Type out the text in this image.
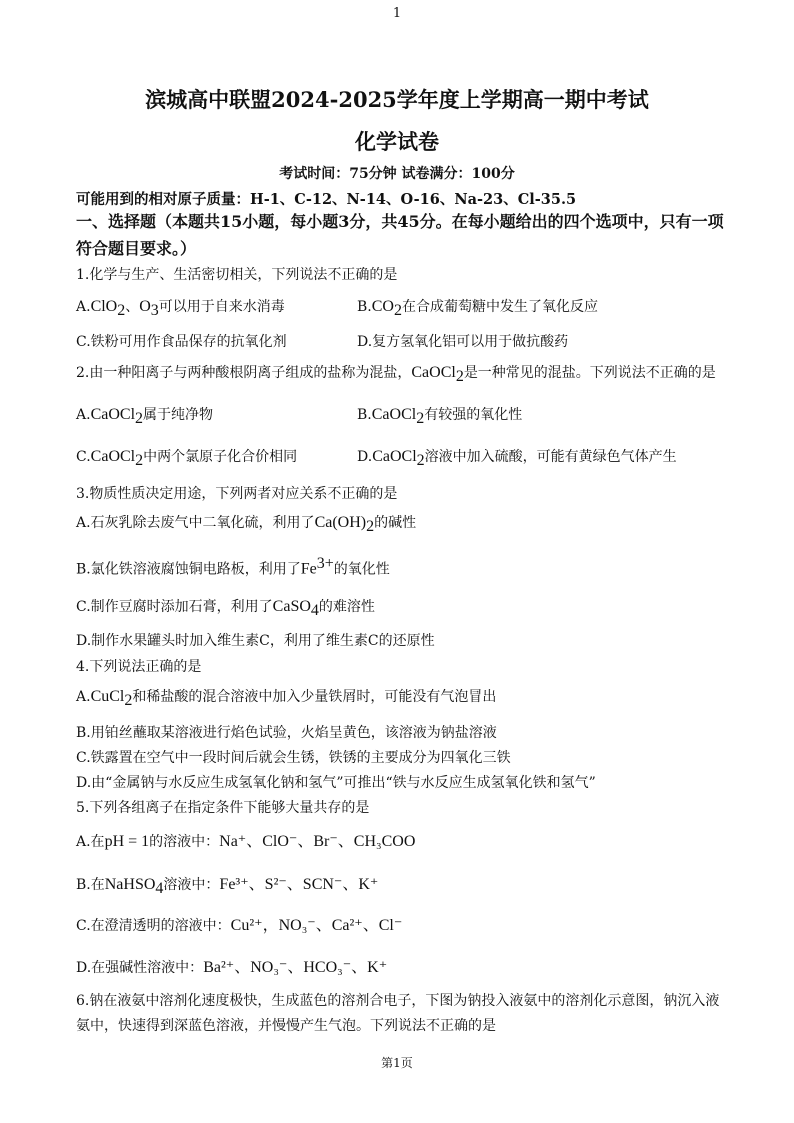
1
滨城高中联盟2024-2025学年度上学期高一期中考试
化学试卷
考试时间：75分钟 试卷满分：100分
可能用到的相对原子质量：H-1、C-12、N-14、O-16、Na-23、Cl-35.5
一、选择题（本题共15小题，每小题3分，共45分。在每小题给出的四个选项中，只有一项符合题目要求。）
1.化学与生产、生活密切相关，下列说法不正确的是
A.ClO$_2$、$O_3$可以用于自来水消毒	$B.CO_2$在合成葡萄糖中发生了氧化反应
C.铁粉可用作食品保存的抗氧化剂	D.复方氢氧化铝可以用于做抗酸药
2.由一种阳离子与两种酸根阴离子组成的盐称为混盐，CaOCl$_2$是一种常见的混盐。下列说法不正确的是
A.CaOCl$_2$属于纯净物	B.CaOCl$_2$有较强的氧化性
C.CaOCl$_2$中两个氯原子化合价相同	D.CaOCl$_2$溶液中加入硫酸，可能有黄绿色气体产生
3.物质性质决定用途，下列两者对应关系不正确的是
A.石灰乳除去废气中二氧化硫，利用了$Ca(OH)_2$的碱性
B.氯化铁溶液腐蚀铜电路板，利用了$Fe^{3+}$的氧化性
C.制作豆腐时添加石膏，利用了CaSO$_4$的难溶性
D.制作水果罐头时加入维生素C，利用了维生素C的还原性
4.下列说法正确的是
A.CuCl$_2$和稀盐酸的混合溶液中加入少量铁屑时，可能没有气泡冒出
B.用铂丝蘸取某溶液进行焰色试验，火焰呈黄色，该溶液为钠盐溶液
C.铁露置在空气中一段时间后就会生锈，铁锈的主要成分为四氧化三铁
D.由“金属钠与水反应生成氢氧化钠和氢气”可推出“铁与水反应生成氢氧化铁和氢气”
5.下列各组离子在指定条件下能够大量共存的是
A.在pH = 1的溶液中：Na⁺、ClO⁻、Br⁻、CH₃COO
B.在NaHSO$_4$溶液中：Fe³⁺、S²⁻、SCN⁻、K⁺
C.在澄清透明的溶液中：Cu²⁺，NO₃⁻、Ca²⁺、Cl⁻
D.在强碱性溶液中：Ba²⁺、NO₃⁻、HCO₃⁻、K⁺
6.钠在液氨中溶剂化速度极快，生成蓝色的溶剂合电子，下图为钠投入液氨中的溶剂化示意图，钠沉入液
氨中，快速得到深蓝色溶液，并慢慢产生气泡。下列说法不正确的是
第1页
